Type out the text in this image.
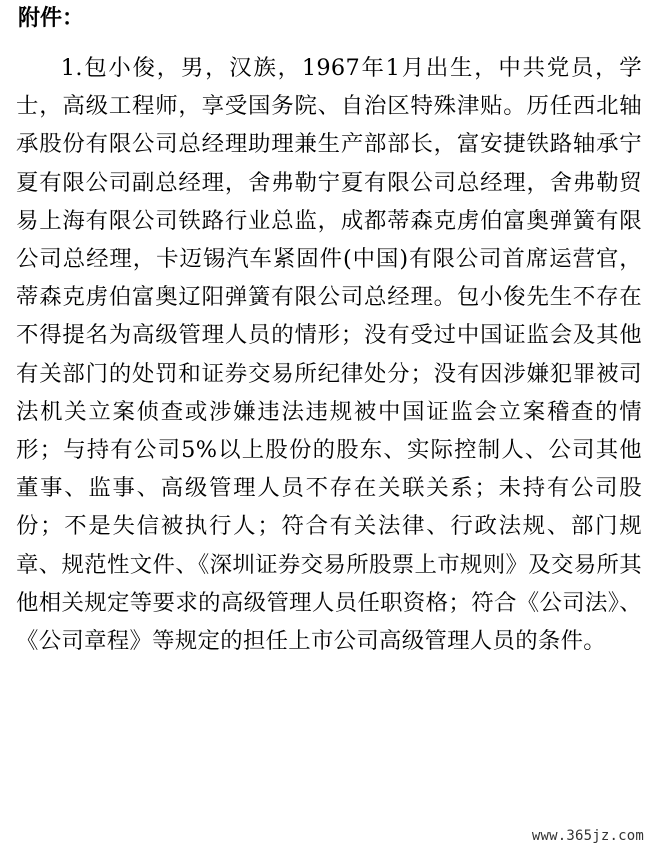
附件：

1.包小俊，男，汉族，1967年1月出生，中共党员，学士，高级工程师，享受国务院、自治区特殊津贴。历任西北轴承股份有限公司总经理助理兼生产部部长，富安捷铁路轴承宁夏有限公司副总经理，舍弗勒宁夏有限公司总经理，舍弗勒贸易上海有限公司铁路行业总监，成都蒂森克虏伯富奥弹簧有限公司总经理，卡迈锡汽车紧固件(中国)有限公司首席运营官，蒂森克虏伯富奥辽阳弹簧有限公司总经理。包小俊先生不存在不得提名为高级管理人员的情形；没有受过中国证监会及其他有关部门的处罚和证券交易所纪律处分；没有因涉嫌犯罪被司法机关立案侦查或涉嫌违法违规被中国证监会立案稽查的情形；与持有公司5%以上股份的股东、实际控制人、公司其他董事、监事、高级管理人员不存在关联关系；未持有公司股份；不是失信被执行人；符合有关法律、行政法规、部门规章、规范性文件、《深圳证券交易所股票上市规则》及交易所其他相关规定等要求的高级管理人员任职资格；符合《公司法》、《公司章程》等规定的担任上市公司高级管理人员的条件。

www.365jz.com
